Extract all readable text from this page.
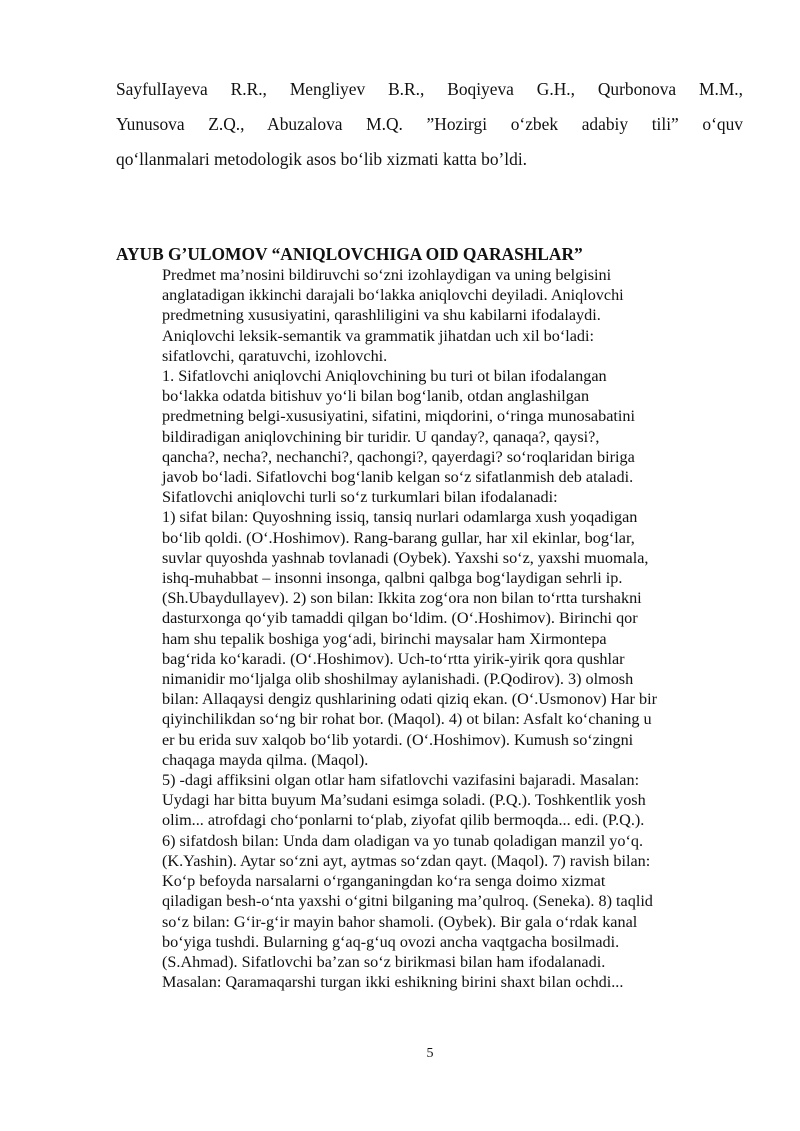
SayfulIayeva R.R., Mengliyev B.R., Boqiyeva G.H., Qurbonova M.M.,
Yunusova Z.Q., Abuzalova M.Q. ”Hozirgi o‘zbek adabiy tili” o‘quv
qo‘llanmalari metodologik asos bo‘lib xizmati katta bo’ldi.
AYUB G’ULOMOV “ANIQLOVCHIGA OID QARASHLAR”
Predmet ma’nosini bildiruvchi so‘zni izohlaydigan va uning belgisini
anglatadigan ikkinchi darajali bo‘lakka aniqlovchi deyiladi. Aniqlovchi
predmetning xususiyatini, qarashliligini va shu kabilarni ifodalaydi.
Aniqlovchi leksik-semantik va grammatik jihatdan uch xil bo‘ladi:
sifatlovchi, qaratuvchi, izohlovchi.
1. Sifatlovchi aniqlovchi Aniqlovchining bu turi ot bilan ifodalangan
bo‘lakka odatda bitishuv yo‘li bilan bog‘lanib, otdan anglashilgan
predmetning belgi-xususiyatini, sifatini, miqdorini, o‘ringa munosabatini
bildiradigan aniqlovchining bir turidir. U qanday?, qanaqa?, qaysi?,
qancha?, necha?, nechanchi?, qachongi?, qayerdagi? so‘roqlaridan biriga
javob bo‘ladi. Sifatlovchi bog‘lanib kelgan so‘z sifatlanmish deb ataladi.
Sifatlovchi aniqlovchi turli so‘z turkumlari bilan ifodalanadi:
1) sifat bilan: Quyoshning issiq, tansiq nurlari odamlarga xush yoqadigan
bo‘lib qoldi. (O‘.Hoshimov). Rang-barang gullar, har xil ekinlar, bog‘lar,
suvlar quyoshda yashnab tovlanadi (Oybek). Yaxshi so‘z, yaxshi muomala,
ishq-muhabbat – insonni insonga, qalbni qalbga bog‘laydigan sehrli ip.
(Sh.Ubaydullayev). 2) son bilan: Ikkita zog‘ora non bilan to‘rtta turshakni
dasturxonga qo‘yib tamaddi qilgan bo‘ldim. (O‘.Hoshimov). Birinchi qor
ham shu tepalik boshiga yog‘adi, birinchi maysalar ham Xirmontepa
bag‘rida ko‘karadi. (O‘.Hoshimov). Uch-to‘rtta yirik-yirik qora qushlar
nimanidir mo‘ljalga olib shoshilmay aylanishadi. (P.Qodirov). 3) olmosh
bilan: Allaqaysi dengiz qushlarining odati qiziq ekan. (O‘.Usmonov) Har bir
qiyinchilikdan so‘ng bir rohat bor. (Maqol). 4) ot bilan: Asfalt ko‘chaning u
er bu erida suv xalqob bo‘lib yotardi. (O‘.Hoshimov). Kumush so‘zingni
chaqaga mayda qilma. (Maqol).
5) -dagi affiksini olgan otlar ham sifatlovchi vazifasini bajaradi. Masalan:
Uydagi har bitta buyum Ma’sudani esimga soladi. (P.Q.). Toshkentlik yosh
olim... atrofdagi cho‘ponlarni to‘plab, ziyofat qilib bermoqda... edi. (P.Q.).
6) sifatdosh bilan: Unda dam oladigan va yo tunab qoladigan manzil yo‘q.
(K.Yashin). Aytar so‘zni ayt, aytmas so‘zdan qayt. (Maqol). 7) ravish bilan:
Ko‘p befoyda narsalarni o‘rganganingdan ko‘ra senga doimo xizmat
qiladigan besh-o‘nta yaxshi o‘gitni bilganing ma’qulroq. (Seneka). 8) taqlid
so‘z bilan: G‘ir-g‘ir mayin bahor shamoli. (Oybek). Bir gala o‘rdak kanal
bo‘yiga tushdi. Bularning g‘aq-g‘uq ovozi ancha vaqtgacha bosilmadi.
(S.Ahmad). Sifatlovchi ba’zan so‘z birikmasi bilan ham ifodalanadi.
Masalan: Qaramaqarshi turgan ikki eshikning birini shaxt bilan ochdi...
5
